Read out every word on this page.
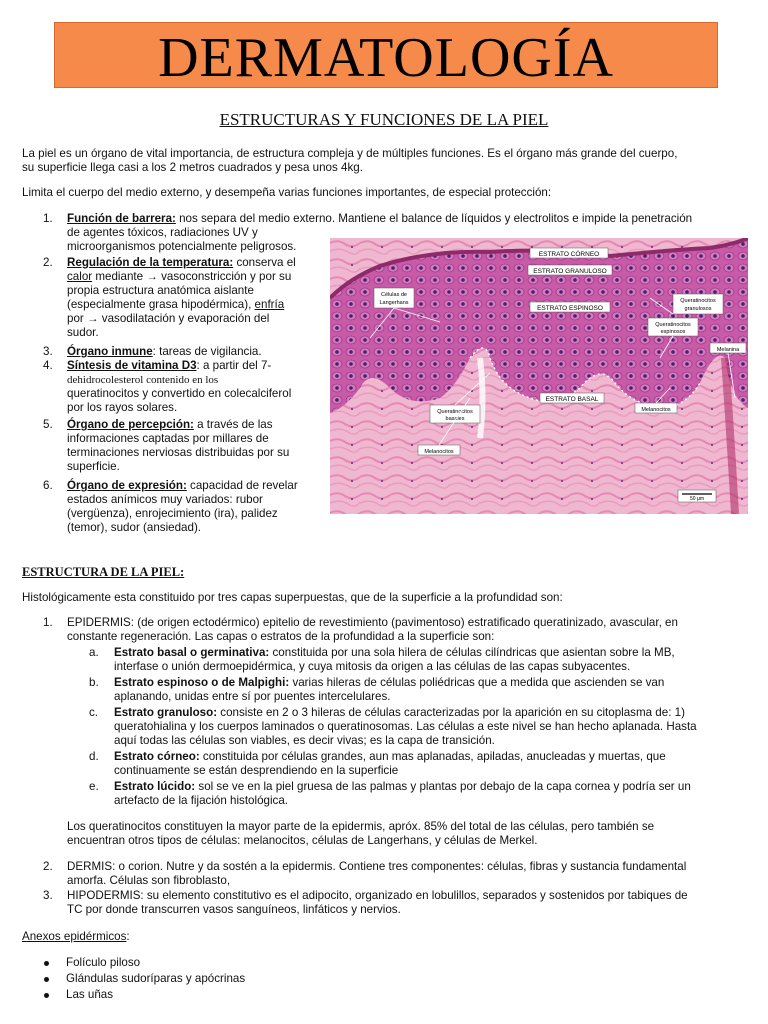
DERMATOLOGÍA
ESTRUCTURAS Y FUNCIONES DE LA PIEL

La piel es un órgano de vital importancia, de estructura compleja y de múltiples funciones. Es el órgano más grande del cuerpo,
su superficie llega casi a los 2 metros cuadrados y pesa unos 4kg.

Limita el cuerpo del medio externo, y desempeña varias funciones importantes, de especial protección:

1. Función de barrera: nos separa del medio externo. Mantiene el balance de líquidos y electrolitos e impide la penetración
de agentes tóxicos, radiaciones UV y
microorganismos potencialmente peligrosos.
2. Regulación de la temperatura: conserva el
calor mediante → vasoconstricción y por su
propia estructura anatómica aislante
(especialmente grasa hipodérmica), enfría
por → vasodilatación y evaporación del
sudor.
3. Órgano inmune: tareas de vigilancia.
4. Síntesis de vitamina D3: a partir del 7-
dehidrocolesterol contenido en los
queratinocitos y convertido en colecalciferol
por los rayos solares.
5. Órgano de percepción: a través de las
informaciones captadas por millares de
terminaciones nerviosas distribuidas por su
superficie.
6. Órgano de expresión: capacidad de revelar
estados anímicos muy variados: rubor
(vergüenza), enrojecimiento (ira), palidez
(temor), sudor (ansiedad).
ESTRATO CÓRNEO
ESTRATO GRANULOSO
ESTRATO ESPINOSO
ESTRATO BASAL
Células de
Langerhans	Queratinocitos
granulosos
Queratinocitos
espinosos
Melanina
Queratinocitos
basales
Melanocitos
Melanocitos
50 µm
ESTRUCTURA DE LA PIEL:

Histológicamente esta constituido por tres capas superpuestas, que de la superficie a la profundidad son:

1. EPIDERMIS: (de origen ectodérmico) epitelio de revestimiento (pavimentoso) estratificado queratinizado, avascular, en
constante regeneración. Las capas o estratos de la profundidad a la superficie son:
a. Estrato basal o germinativa: constituida por una sola hilera de células cilíndricas que asientan sobre la MB,
interfase o unión dermoepidérmica, y cuya mitosis da origen a las células de las capas subyacentes.
b. Estrato espinoso o de Malpighi: varias hileras de células poliédricas que a medida que ascienden se van
aplanando, unidas entre sí por puentes intercelulares.
c. Estrato granuloso: consiste en 2 o 3 hileras de células caracterizadas por la aparición en su citoplasma de: 1)
queratohialina y los cuerpos laminados o queratinosomas. Las células a este nivel se han hecho aplanada. Hasta
aquí todas las células son viables, es decir vivas; es la capa de transición.
d. Estrato córneo: constituida por células grandes, aun mas aplanadas, apiladas, anucleadas y muertas, que
continuamente se están desprendiendo en la superficie
e. Estrato lúcido: sol se ve en la piel gruesa de las palmas y plantas por debajo de la capa cornea y podría ser un
artefacto de la fijación histológica.

Los queratinocitos constituyen la mayor parte de la epidermis, apróx. 85% del total de las células, pero también se
encuentran otros tipos de células: melanocitos, células de Langerhans, y células de Merkel.

2. DERMIS: o corion. Nutre y da sostén a la epidermis. Contiene tres componentes: células, fibras y sustancia fundamental
amorfa. Células son fibroblasto,
3. HIPODERMIS: su elemento constitutivo es el adipocito, organizado en lobulillos, separados y sostenidos por tabiques de
TC por donde transcurren vasos sanguíneos, linfáticos y nervios.
Anexos epidérmicos:
Folículo piloso
Glándulas sudoríparas y apócrinas
Las uñas
